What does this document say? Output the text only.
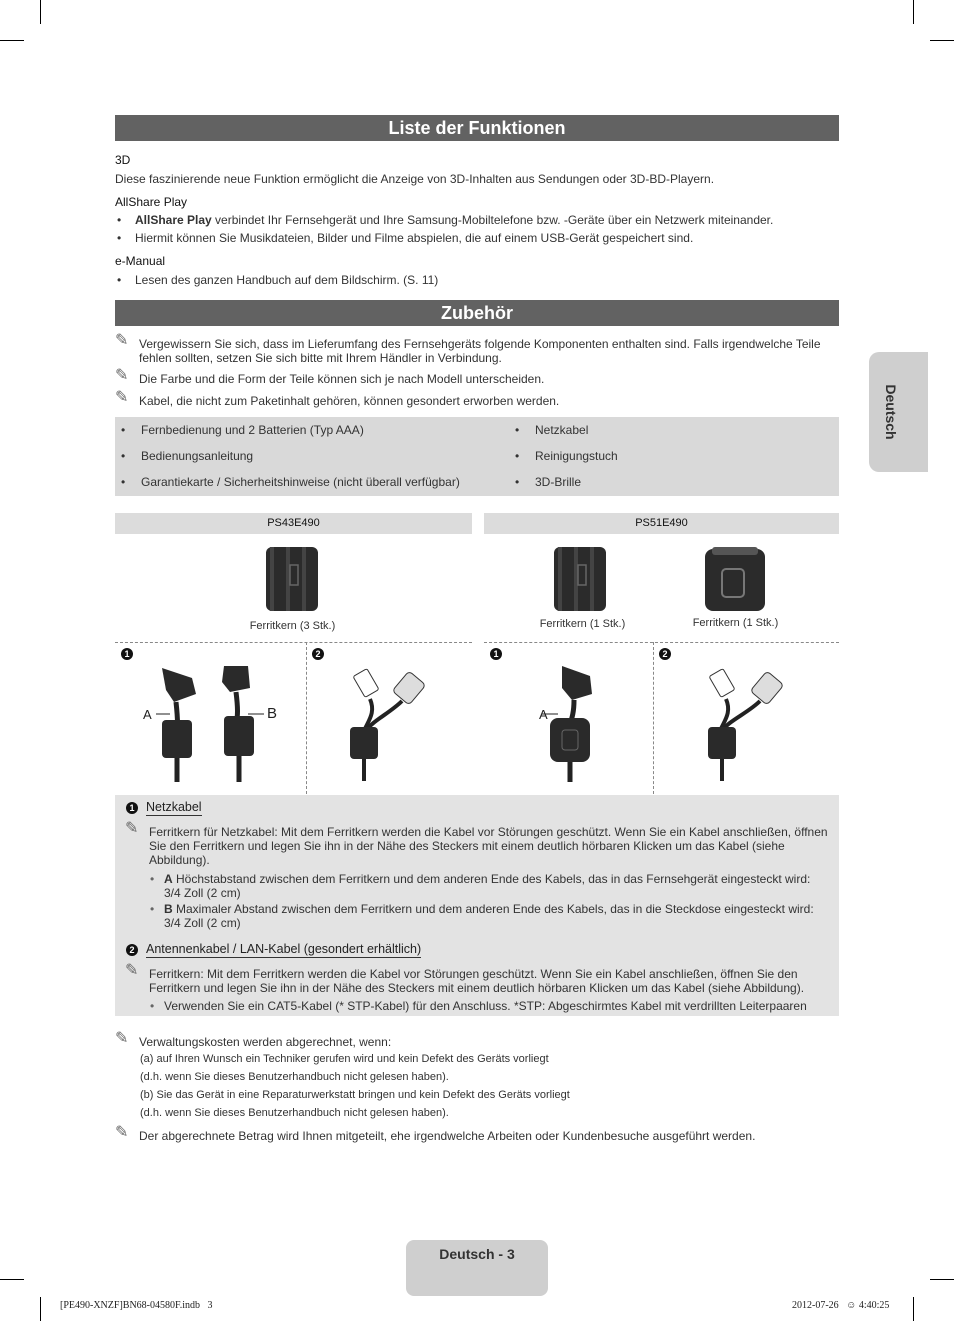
Deutsch
Liste der Funktionen
3D
Diese faszinierende neue Funktion ermöglicht die Anzeige von 3D-Inhalten aus Sendungen oder 3D-BD-Playern.
AllShare Play
• AllShare Play verbindet Ihr Fernsehgerät und Ihre Samsung-Mobiltelefone bzw. -Geräte über ein Netzwerk miteinander.
• Hiermit können Sie Musikdateien, Bilder und Filme abspielen, die auf einem USB-Gerät gespeichert sind.
e-Manual
• Lesen des ganzen Handbuch auf dem Bildschirm. (S. 11)
Zubehör
✎ Vergewissern Sie sich, dass im Lieferumfang des Fernsehgeräts folgende Komponenten enthalten sind. Falls irgendwelche Teile fehlen sollten, setzen Sie sich bitte mit Ihrem Händler in Verbindung.
✎ Die Farbe und die Form der Teile können sich je nach Modell unterscheiden.
✎ Kabel, die nicht zum Paketinhalt gehören, können gesondert erworben werden.
• Fernbedienung und 2 Batterien (Typ AAA)
• Bedienungsanleitung
• Garantiekarte / Sicherheitshinweise (nicht überall verfügbar)
• Netzkabel
• Reinigungstuch
• 3D-Brille
PS43E490	PS51E490
Ferritkern (3 Stk.)	Ferritkern (1 Stk.)	Ferritkern (1 Stk.)
1	2	1	2
A	B	A
1 Netzkabel
✎ Ferritkern für Netzkabel: Mit dem Ferritkern werden die Kabel vor Störungen geschützt. Wenn Sie ein Kabel anschließen, öffnen Sie den Ferritkern und legen Sie ihn in der Nähe des Steckers mit einem deutlich hörbaren Klicken um das Kabel (siehe Abbildung).
• A Höchstabstand zwischen dem Ferritkern und dem anderen Ende des Kabels, das in das Fernsehgerät eingesteckt wird: 3/4 Zoll (2 cm)
• B Maximaler Abstand zwischen dem Ferritkern und dem anderen Ende des Kabels, das in die Steckdose eingesteckt wird: 3/4 Zoll (2 cm)
2 Antennenkabel / LAN-Kabel (gesondert erhältlich)
✎ Ferritkern: Mit dem Ferritkern werden die Kabel vor Störungen geschützt. Wenn Sie ein Kabel anschließen, öffnen Sie den Ferritkern und legen Sie ihn in der Nähe des Steckers mit einem deutlich hörbaren Klicken um das Kabel (siehe Abbildung).
• Verwenden Sie ein CAT5-Kabel (* STP-Kabel) für den Anschluss. *STP: Abgeschirmtes Kabel mit verdrillten Leiterpaaren
✎ Verwaltungskosten werden abgerechnet, wenn:
(a) auf Ihren Wunsch ein Techniker gerufen wird und kein Defekt des Geräts vorliegt
(d.h. wenn Sie dieses Benutzerhandbuch nicht gelesen haben).
(b) Sie das Gerät in eine Reparaturwerkstatt bringen und kein Defekt des Geräts vorliegt
(d.h. wenn Sie dieses Benutzerhandbuch nicht gelesen haben).
✎ Der abgerechnete Betrag wird Ihnen mitgeteilt, ehe irgendwelche Arbeiten oder Kundenbesuche ausgeführt werden.
Deutsch - 3
[PE490-XNZF]BN68-04580F.indb   3	2012-07-26   ☺ 4:40:25
